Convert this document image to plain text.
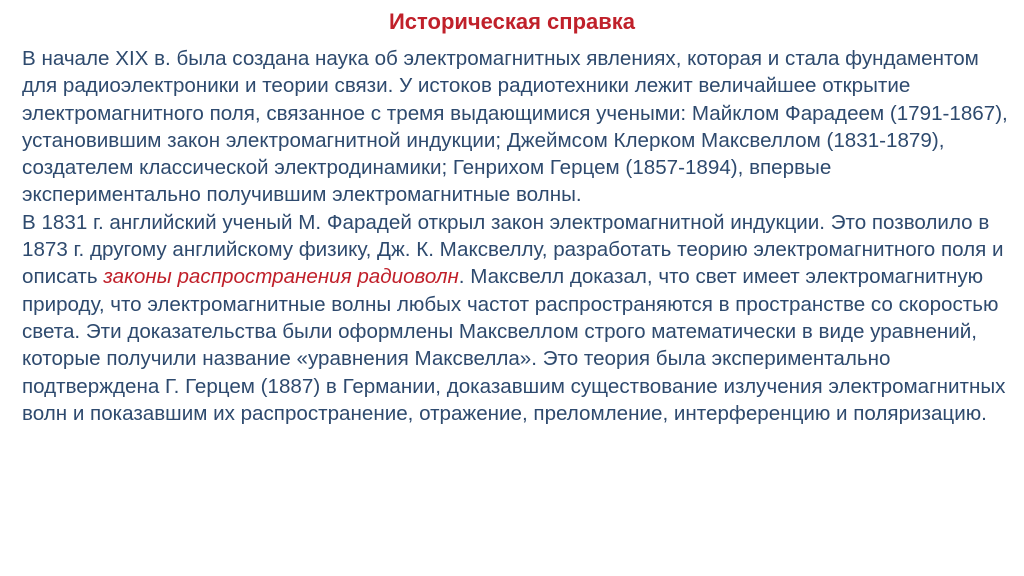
Историческая справка

В начале XIX в. была создана наука об электромагнитных явлениях, которая и стала фундаментом для радиоэлектроники и теории связи. У истоков радиотехники лежит величайшее открытие электромагнитного поля, связанное с тремя выдающимися учеными: Майклом Фарадеем (1791-1867), установившим закон электромагнитной индукции; Джеймсом Клерком Максвеллом (1831-1879), создателем классической электродинамики; Генрихом Герцем (1857-1894), впервые экспериментально получившим электромагнитные волны.

В 1831 г. английский ученый М. Фарадей открыл закон электромагнитной индукции. Это позволило в 1873 г. другому английскому физику, Дж. К. Максвеллу, разработать теорию электромагнитного поля и описать законы распространения радиоволн. Максвелл доказал, что свет имеет электромагнитную природу, что электромагнитные волны любых частот распространяются в пространстве со скоростью света. Эти доказательства были оформлены Максвеллом строго математически в виде уравнений, которые получили название «уравнения Максвелла». Это теория была экспериментально подтверждена Г. Герцем (1887) в Германии, доказавшим существование излучения электромагнитных волн и показавшим их распространение, отражение, преломление, интерференцию и поляризацию.
